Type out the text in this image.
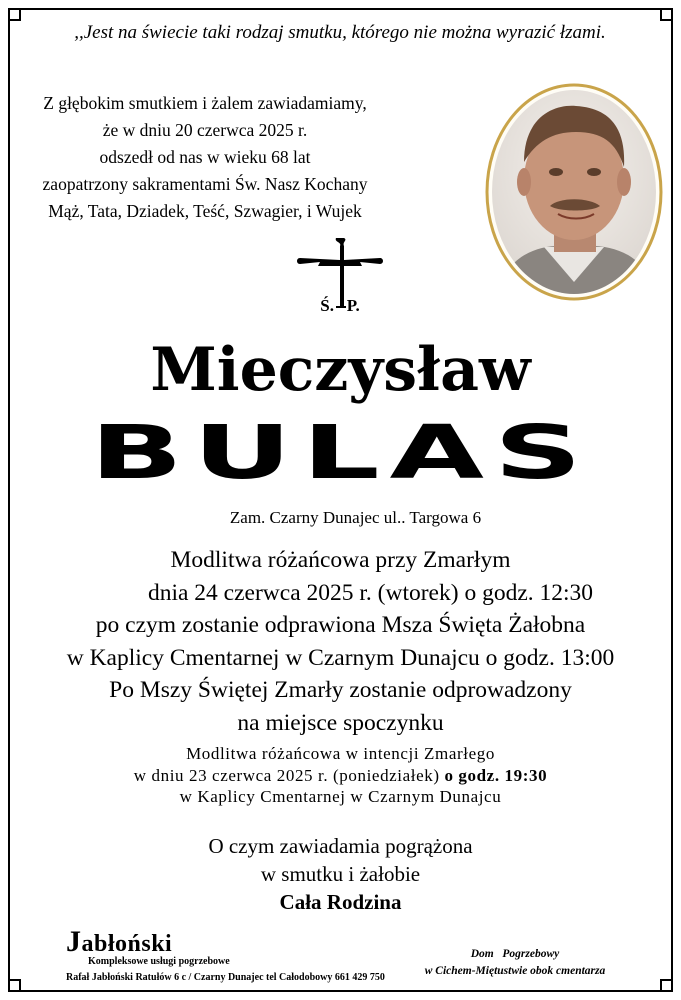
,,Jest na świecie taki rodzaj smutku, którego nie można wyrazić łzami.
Z głębokim smutkiem i żalem zawiadamiamy,
że w dniu 20 czerwca 2025 r.
odszedł od nas w wieku 68 lat
zaopatrzony sakramentami Św. Nasz Kochany
Mąż, Tata, Dziadek, Teść, Szwagier, i Wujek
Ś.   P.
Mieczysław
BULAS
Zam. Czarny Dunajec ul.. Targowa 6
Modlitwa różańcowa przy Zmarłym
dnia 24 czerwca 2025 r. (wtorek) o godz. 12:30
po czym zostanie odprawiona Msza Święta Żałobna
w Kaplicy Cmentarnej w Czarnym Dunajcu o godz. 13:00
Po Mszy Świętej Zmarły zostanie odprowadzony
na miejsce spoczynku
Modlitwa różańcowa w intencji Zmarłego
w dniu 23 czerwca 2025 r. (poniedziałek) o godz. 19:30
w Kaplicy Cmentarnej w Czarnym Dunajcu
O czym zawiadamia pogrążona
w smutku i żałobie
Cała Rodzina
Jabłoński
Kompleksowe usługi pogrzebowe
Rafał Jabłoński Ratułów 6 c / Czarny Dunajec tel Całodobowy 661 429 750
Dom   Pogrzebowy
w Cichem-Miętustwie obok cmentarza
